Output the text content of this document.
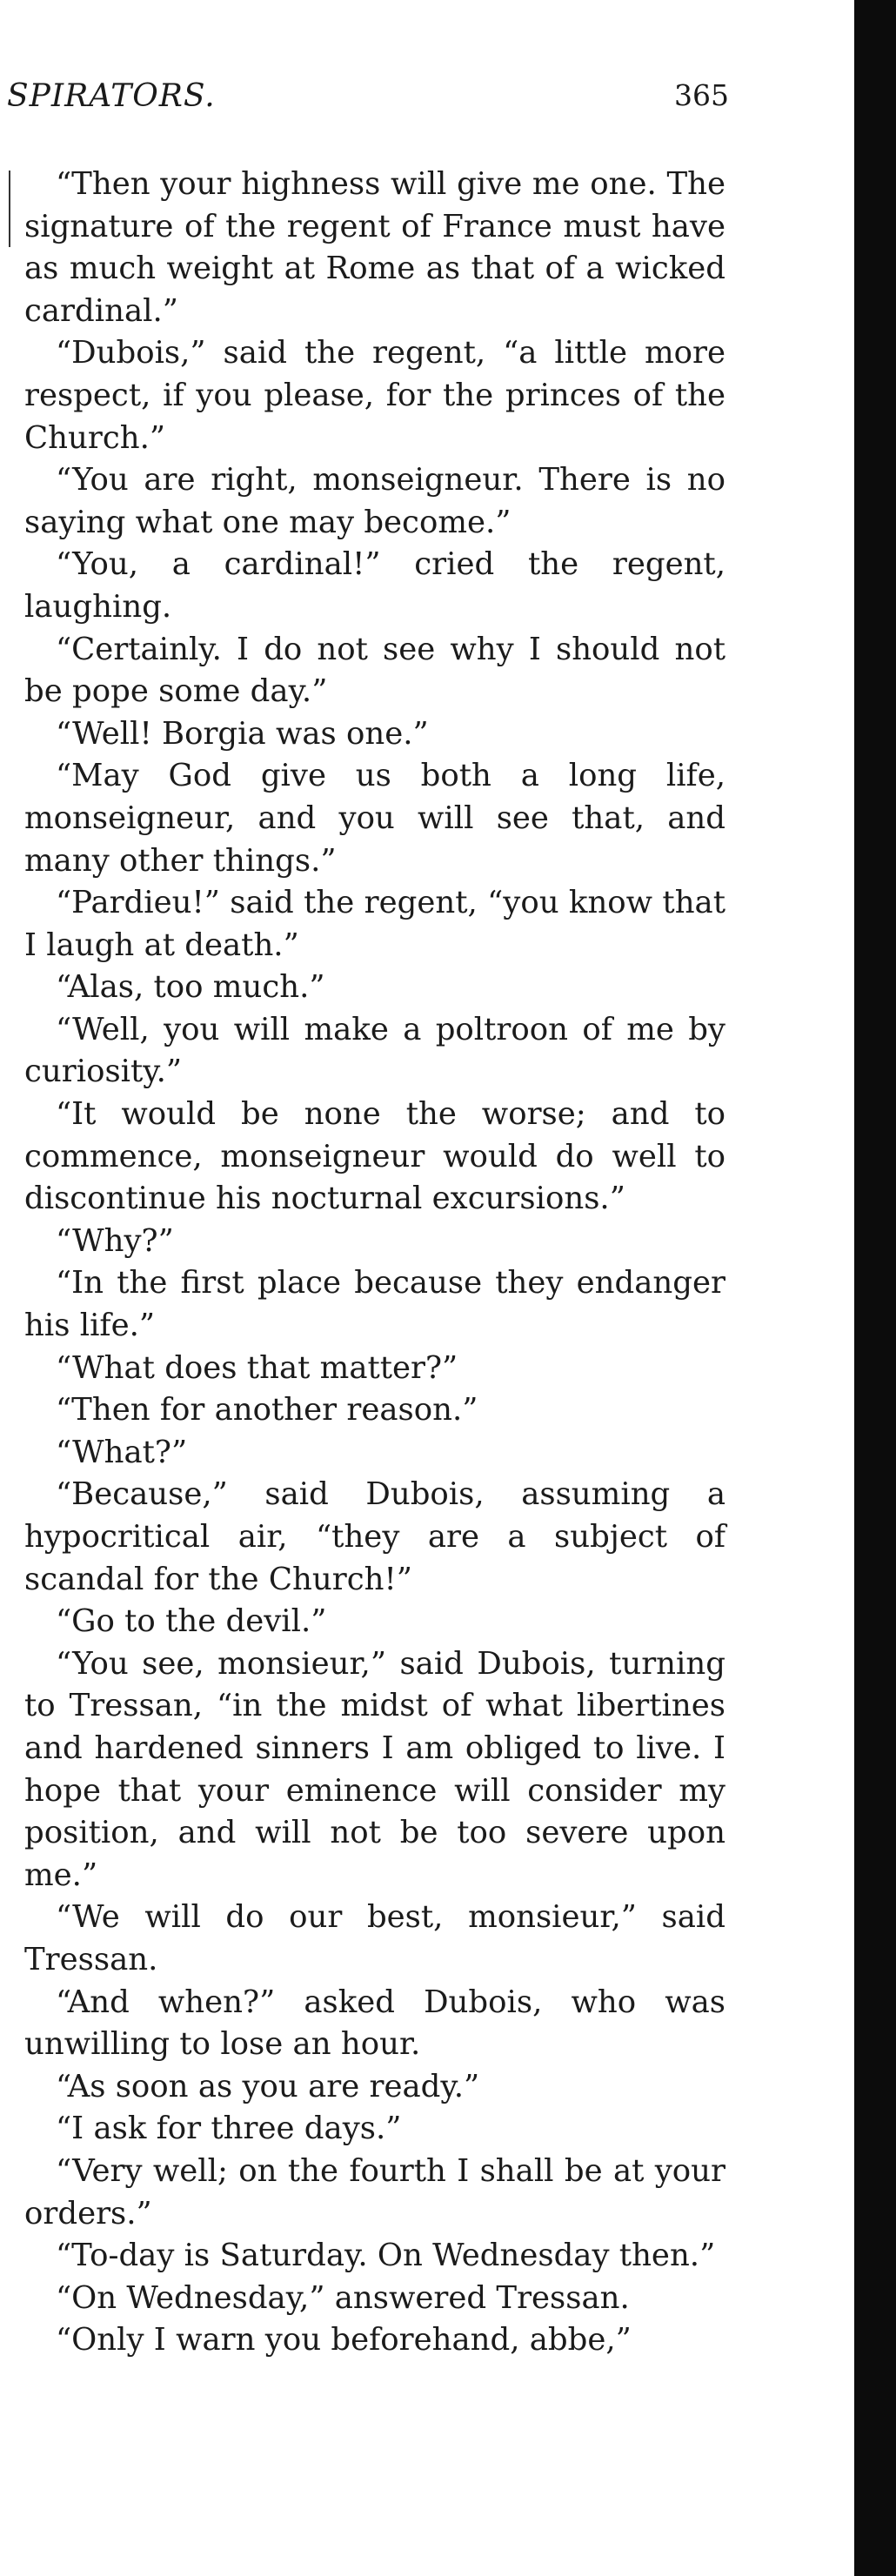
SPIRATORS.	365

“Then your highness will give me one. The signature of the regent of France must have as much weight at Rome as that of a wicked cardinal.”

“Dubois,” said the regent, “a little more respect, if you please, for the princes of the Church.”

“You are right, monseigneur. There is no saying what one may become.”

“You, a cardinal!” cried the regent, laughing.

“Certainly. I do not see why I should not be pope some day.”

“Well! Borgia was one.”

“May God give us both a long life, monseigneur, and you will see that, and many other things.”

“Pardieu!” said the regent, “you know that I laugh at death.”

“Alas, too much.”

“Well, you will make a poltroon of me by curiosity.”

“It would be none the worse; and to commence, monseigneur would do well to discontinue his nocturnal excursions.”

“Why?”

“In the first place because they endanger his life.”

“What does that matter?”

“Then for another reason.”

“What?”

“Because,” said Dubois, assuming a hypocritical air, “they are a subject of scandal for the Church!”

“Go to the devil.”

“You see, monsieur,” said Dubois, turning to Tressan, “in the midst of what libertines and hardened sinners I am obliged to live. I hope that your eminence will consider my position, and will not be too severe upon me.”

“We will do our best, monsieur,” said Tressan.

“And when?” asked Dubois, who was unwilling to lose an hour.

“As soon as you are ready.”

“I ask for three days.”

“Very well; on the fourth I shall be at your orders.”

“To-day is Saturday. On Wednesday then.”

“On Wednesday,” answered Tressan.

“Only I warn you beforehand, abbe,”
